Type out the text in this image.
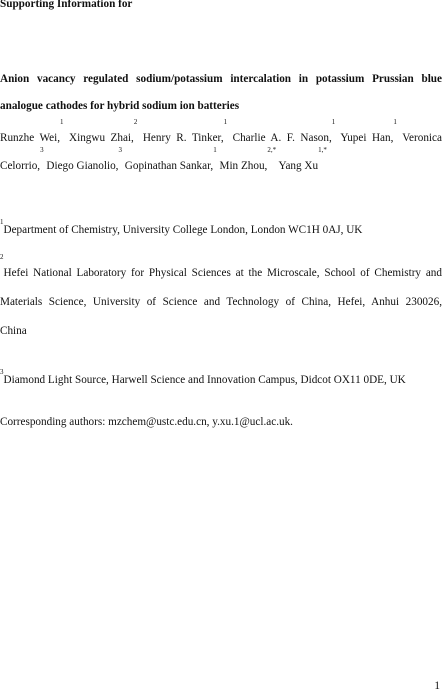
Supporting Information for
Anion vacancy regulated sodium/potassium intercalation in potassium Prussian blue
analogue cathodes for hybrid sodium ion batteries
Runzhe Wei,$^1$ Xingwu Zhai,$^2$ Henry R. Tinker,$^1$ Charlie A. F. Nason,$^1$ Yupei Han,$^1$ Veronica
Celorrio,$^3$ Diego Gianolio,$^3$ Gopinathan Sankar,$^1$ Min Zhou,$^{2,*}$ Yang $Xu^{1,*}$
$^1$Department of Chemistry, University College London, London WC1H 0AJ, UK
$^2$Hefei National Laboratory for Physical Sciences at the Microscale, School of Chemistry and
Materials Science, University of Science and Technology of China, Hefei, Anhui 230026,
China
$^3$Diamond Light Source, Harwell Science and Innovation Campus, Didcot OX11 0DE, UK
Corresponding authors: mzchem@ustc.edu.cn, y.xu.1@ucl.ac.uk.
1
